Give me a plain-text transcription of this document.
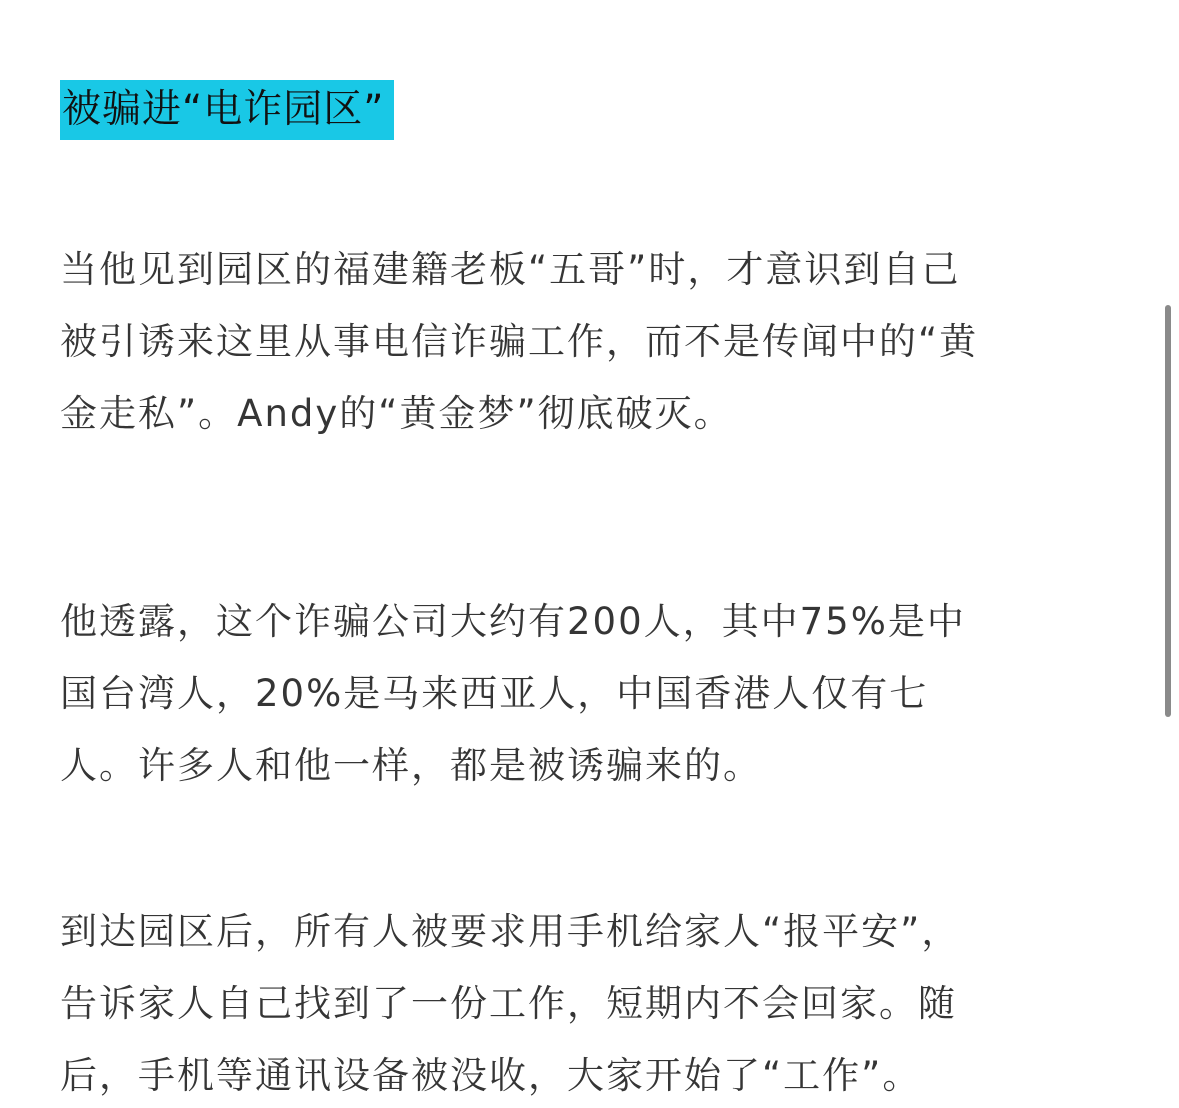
被骗进“电诈园区”
当他见到园区的福建籍老板“五哥”时，才意识到自己
被引诱来这里从事电信诈骗工作，而不是传闻中的“黄
金走私”。Andy的“黄金梦”彻底破灭。
他透露，这个诈骗公司大约有200人，其中75%是中
国台湾人，20%是马来西亚人，中国香港人仅有七
人。许多人和他一样，都是被诱骗来的。
到达园区后，所有人被要求用手机给家人“报平安”，
告诉家人自己找到了一份工作，短期内不会回家。随
后，手机等通讯设备被没收，大家开始了“工作”。
